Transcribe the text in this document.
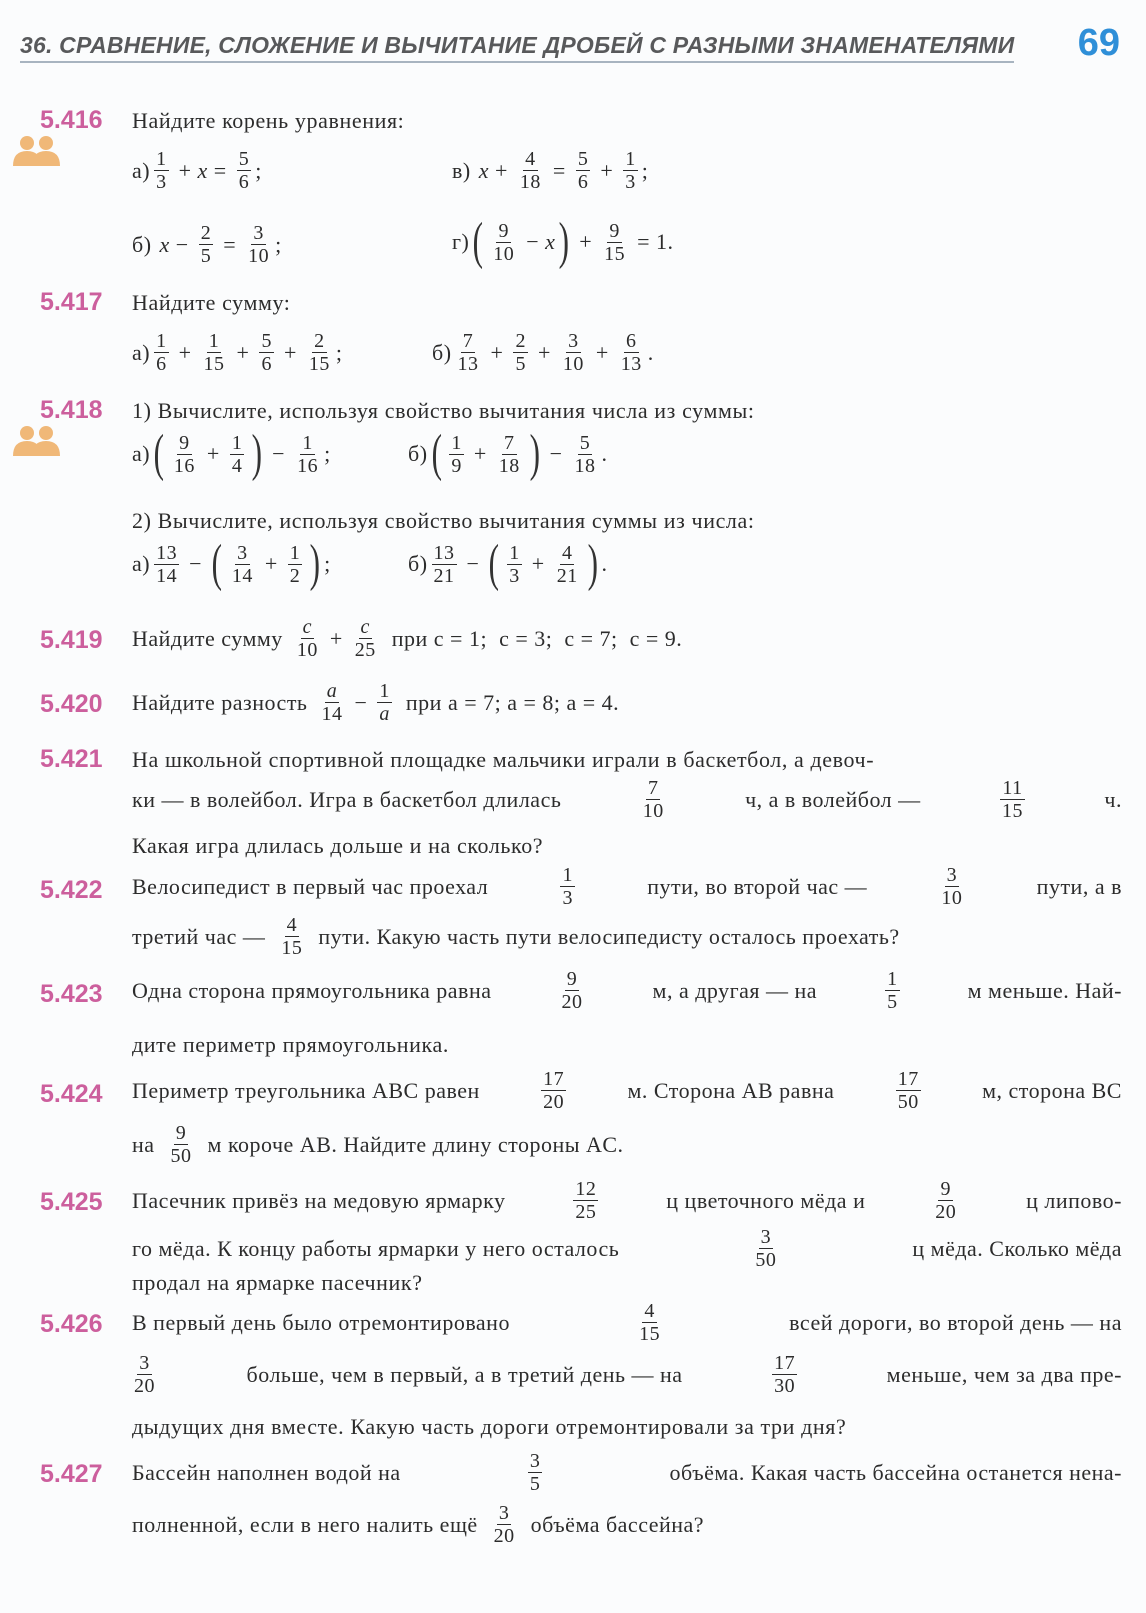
36. СРАВНЕНИЕ, СЛОЖЕНИЕ И ВЫЧИТАНИЕ ДРОБЕЙ С РАЗНЫМИ ЗНАМЕНАТЕЛЯМИ 69
5.416 Найдите корень уравнения:
$а) \frac{1}{3} + x = \frac{5}{6}$ ;	в) $x + \frac{4}{18} = \frac{5}{6} + \frac{1}{3}$ ;
б) $x - \frac{2}{5} = \frac{3}{10}$ ;	г) ( $\frac{9}{10} - x$ ) + $\frac{9}{15} = 1$.
5.417 Найдите сумму:
$а) \frac{1}{6} + \frac{1}{15} + \frac{5}{6} + \frac{2}{15}$ ;	$б) \frac{7}{13} + \frac{2}{5} + \frac{3}{10} + \frac{6}{13}$ .
5.418 1) Вычислите, используя свойство вычитания числа из суммы:
а) ( $\frac{9}{16} + \frac{1}{4}$ ) − $\frac{1}{16}$ ;	б) ( $\frac{1}{9} + \frac{7}{18}$ ) − $\frac{5}{18}$ .
2) Вычислите, используя свойство вычитания суммы из числа:
$а) \frac{13}{14}$ − ( $\frac{3}{14} + \frac{1}{2}$ ) ;	$б) \frac{13}{21}$ − ( $\frac{1}{3} + \frac{4}{21}$ ) .
5.419 Найдите сумму $\frac{c}{10} + \frac{c}{25}$ при c = 1;  c = 3;  c = 7;  c = 9.
5.420 Найдите разность $\frac{a}{14} - \frac{1}{a}$ при a = 7; a = 8; a = 4.
5.421 На школьной спортивной площадке мальчики играли в баскетбол, а девоч-
ки — в волейбол. Игра в баскетбол длилась	$\frac{7}{10}$	ч, а в волейбол —	$\frac{11}{15}$	ч.
Какая игра длилась дольше и на сколько?
5.422 Велосипедист в первый час проехал	$\frac{1}{3}$	пути, во второй час —	$\frac{3}{10}$	пути, а в
третий час — $\frac{4}{15}$ пути. Какую часть пути велосипедисту осталось проехать?
5.423 Одна сторона прямоугольника равна	$\frac{9}{20}$	м, а другая — на	$\frac{1}{5}$	м меньше. Най-
дите периметр прямоугольника.
5.424 Периметр треугольника ABC равен	$\frac{17}{20}$	м. Сторона AB равна	$\frac{17}{50}$	м, сторона BC
на $\frac{9}{50}$ м короче AB. Найдите длину стороны AC.
5.425 Пасечник привёз на медовую ярмарку	$\frac{12}{25}$	ц цветочного мёда и	$\frac{9}{20}$	ц липово-
го мёда. К концу работы ярмарки у него осталось	$\frac{3}{50}$	ц мёда. Сколько мёда
продал на ярмарке пасечник?
5.426 В первый день было отремонтировано	$\frac{4}{15}$	всей дороги, во второй день — на
$\frac{3}{20}$	больше, чем в первый, а в третий день — на	$\frac{17}{30}$	меньше, чем за два пре-
дыдущих дня вместе. Какую часть дороги отремонтировали за три дня?
5.427 Бассейн наполнен водой на	$\frac{3}{5}$	объёма. Какая часть бассейна останется нена-
полненной, если в него налить ещё $\frac{3}{20}$ объёма бассейна?
